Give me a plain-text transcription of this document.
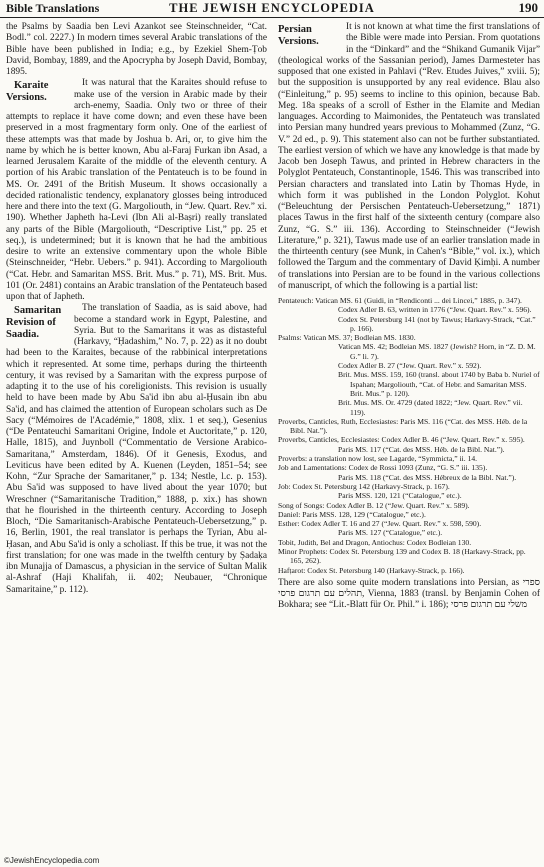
Bible Translations	THE JEWISH ENCYCLOPEDIA	190

the Psalms by Saadia ben Levi Azankot see Steinschneider, “Cat. Bodl.” col. 2227.) In modern times several Arabic translations of the Bible have been published in India; e.g., by Ezekiel Shem-Ṭob David, Bombay, 1889, and the Apocrypha by Joseph David, Bombay, 1895.

Karaite Versions.
It was natural that the Karaites should refuse to make use of the version in Arabic made by their arch-enemy, Saadia. Only two or three of their attempts to replace it have come down; and even these have been preserved in a most fragmentary form only. One of the earliest of these attempts was that made by Joshua b. Ari, or, to give him the name by which he is better known, Abu al-Faraj Furkan ibn Asad, a learned Jerusalem Karaite of the middle of the eleventh century. A portion of his Arabic translation of the Pentateuch is to be found in MS. Or. 2491 of the British Museum. It shows occasionally a decided rationalistic tendency, explanatory glosses being introduced here and there into the text (G. Margoliouth, in “Jew. Quart. Rev.” xi. 190). Whether Japheth ha-Levi (Ibn Ali al-Baṣri) really translated any parts of the Bible (Margoliouth, “Descriptive List,” pp. 25 et seq.), is undetermined; but it is known that he had the ambitious desire to write an extensive commentary upon the whole Bible (Steinschneider, “Hebr. Uebers.” p. 941). According to Margoliouth (“Cat. Hebr. and Samaritan MSS. Brit. Mus.” p. 71), MS. Brit. Mus. 101 (Or. 2481) contains an Arabic translation of the Pentateuch based upon that of Japheth.

Samaritan Revision of Saadia.
The translation of Saadia, as is said above, had become a standard work in Egypt, Palestine, and Syria. But to the Samaritans it was as distasteful (Harkavy, “Ḥadashim,” No. 7, p. 22) as it no doubt had been to the Karaites, because of the rabbinical interpretations which it represented. At some time, perhaps during the thirteenth century, it was revised by a Samaritan with the express purpose of adapting it to the use of his coreligionists. This revision is usually held to have been made by Abu Sa'id ibn abu al-Ḥusain ibn abu Sa'id, and has claimed the attention of European scholars such as De Sacy (“Mémoires de l'Académie,” 1808, xlix. 1 et seq.), Gesenius (“De Pentateuchi Samaritani Origine, Indole et Auctoritate,” p. 120, Halle, 1815), and Juynboll (“Commentatio de Versione Arabico-Samaritana,” Amsterdam, 1846). Of it Genesis, Exodus, and Leviticus have been edited by A. Kuenen (Leyden, 1851–54; see Kohn, “Zur Sprache der Samaritaner,” p. 134; Nestle, l.c. p. 153). Abu Sa'id was supposed to have lived about the year 1070; but Wreschner (“Samaritanische Tradition,” 1888, p. xix.) has shown that he flourished in the thirteenth century. According to Joseph Bloch, “Die Samaritanisch-Arabische Pentateuch-Uebersetzung,” p. 16, Berlin, 1901, the real translator is perhaps the Tyrian, Abu al-Ḥasan, and Abu Sa'id is only a scholiast. If this be true, it was not the first translation; for one was made in the twelfth century by Ṣadaḳa ibn Munajja of Damascus, a physician in the service of Sultan Malik al-Ashraf (Haji Khalifah, ii. 402; Neubauer, “Chronique Samaritaine,” p. 112).

Persian Versions.
It is not known at what time the first translations of the Bible were made into Persian. From quotations in the “Dinkard” and the “Shikand Gumanik Vijar” (theological works of the Sassanian period), James Darmesteter has supposed that one existed in Pahlavi (“Rev. Etudes Juives,” xviii. 5); but the supposition is unsupported by any real evidence. Blau also (“Einleitung,” p. 95) seems to incline to this opinion, because Bab. Meg. 18a speaks of a scroll of Esther in the Elamite and Median languages. According to Maimonides, the Pentateuch was translated into Persian many hundred years previous to Mohammed (Zunz, “G. V.” 2d ed., p. 9). This statement also can not be further substantiated. The earliest version of which we have any knowledge is that made by Jacob ben Joseph Tawus, and printed in Hebrew characters in the Polyglot Pentateuch, Constantinople, 1546. This was transcribed into Persian characters and translated into Latin by Thomas Hyde, in which form it was published in the London Polyglot. Kohut (“Beleuchtung der Persischen Pentateuch-Uebersetzung,” 1871) places Tawus in the first half of the sixteenth century (compare also Zunz, “G. S.” iii. 136). According to Steinschneider (“Jewish Literature,” p. 321), Tawus made use of an earlier translation made in the thirteenth century (see Munk, in Cahen's “Bible,” vol. ix.), which followed the Targum and the commentary of David Ḳimḥi. A number of translations into Persian are to be found in the various collections of manuscript, of which the following is a partial list:

Pentateuch: Vatican MS. 61 (Guidi, in “Rendiconti ... dei Lincei,” 1885, p. 347).
Codex Adler B. 63, written in 1776 (“Jew. Quart. Rev.” x. 596).
Codex St. Petersburg 141 (not by Tawus; Harkavy-Strack, “Cat.” p. 166).
Psalms: Vatican MS. 37; Bodleian MS. 1830.
Vatican MS. 42; Bodleian MS. 1827 (Jewish? Horn, in “Z. D. M. G.” li. 7).
Codex Adler B. 27 (“Jew. Quart. Rev.” x. 592).
Brit. Mus. MSS. 159, 160 (transl. about 1740 by Baba b. Nuriel of Ispahan; Margoliouth, “Cat. of Hebr. and Samaritan MSS. Brit. Mus.” p. 120).
Brit. Mus. MS. Or. 4729 (dated 1822; “Jew. Quart. Rev.” vii. 119).
Proverbs, Canticles, Ruth, Ecclesiastes: Paris MS. 116 (“Cat. des MSS. Héb. de la Bibl. Nat.”).
Proverbs, Canticles, Ecclesiastes: Codex Adler B. 46 (“Jew. Quart. Rev.” x. 595).
Paris MS. 117 (“Cat. des MSS. Héb. de la Bibl. Nat.”).
Proverbs: a translation now lost, see Lagarde, “Symmicta,” ii. 14.
Job and Lamentations: Codex de Rossi 1093 (Zunz, “G. S.” iii. 135).
Paris MS. 118 (“Cat. des MSS. Hébreux de la Bibl. Nat.”).
Job: Codex St. Petersburg 142 (Harkavy-Strack, p. 167).
Paris MSS. 120, 121 (“Catalogue,” etc.).
Song of Songs: Codex Adler B. 12 (“Jew. Quart. Rev.” x. 589).
Daniel: Paris MSS. 128, 129 (“Catalogue,” etc.).
Esther: Codex Adler T. 16 and 27 (“Jew. Quart. Rev.” x. 598, 590).
Paris MS. 127 (“Catalogue,” etc.).
Tobit, Judith, Bel and Dragon, Antiochus: Codex Bodleian 130.
Minor Prophets: Codex St. Petersburg 139 and Codex B. 18 (Harkavy-Strack, pp. 165, 262).
Hafṭarot: Codex St. Petersburg 140 (Harkavy-Strack, p. 166).

There are also some quite modern translations into Persian, as ספרי תהלים עם תרגום פרסי, Vienna, 1883 (transl. by Benjamin Cohen of Bokhara; see “Lit.-Blatt für Or. Phil.” i. 186); משלי עם תרגום פרסי

©JewishEncyclopedia.com
